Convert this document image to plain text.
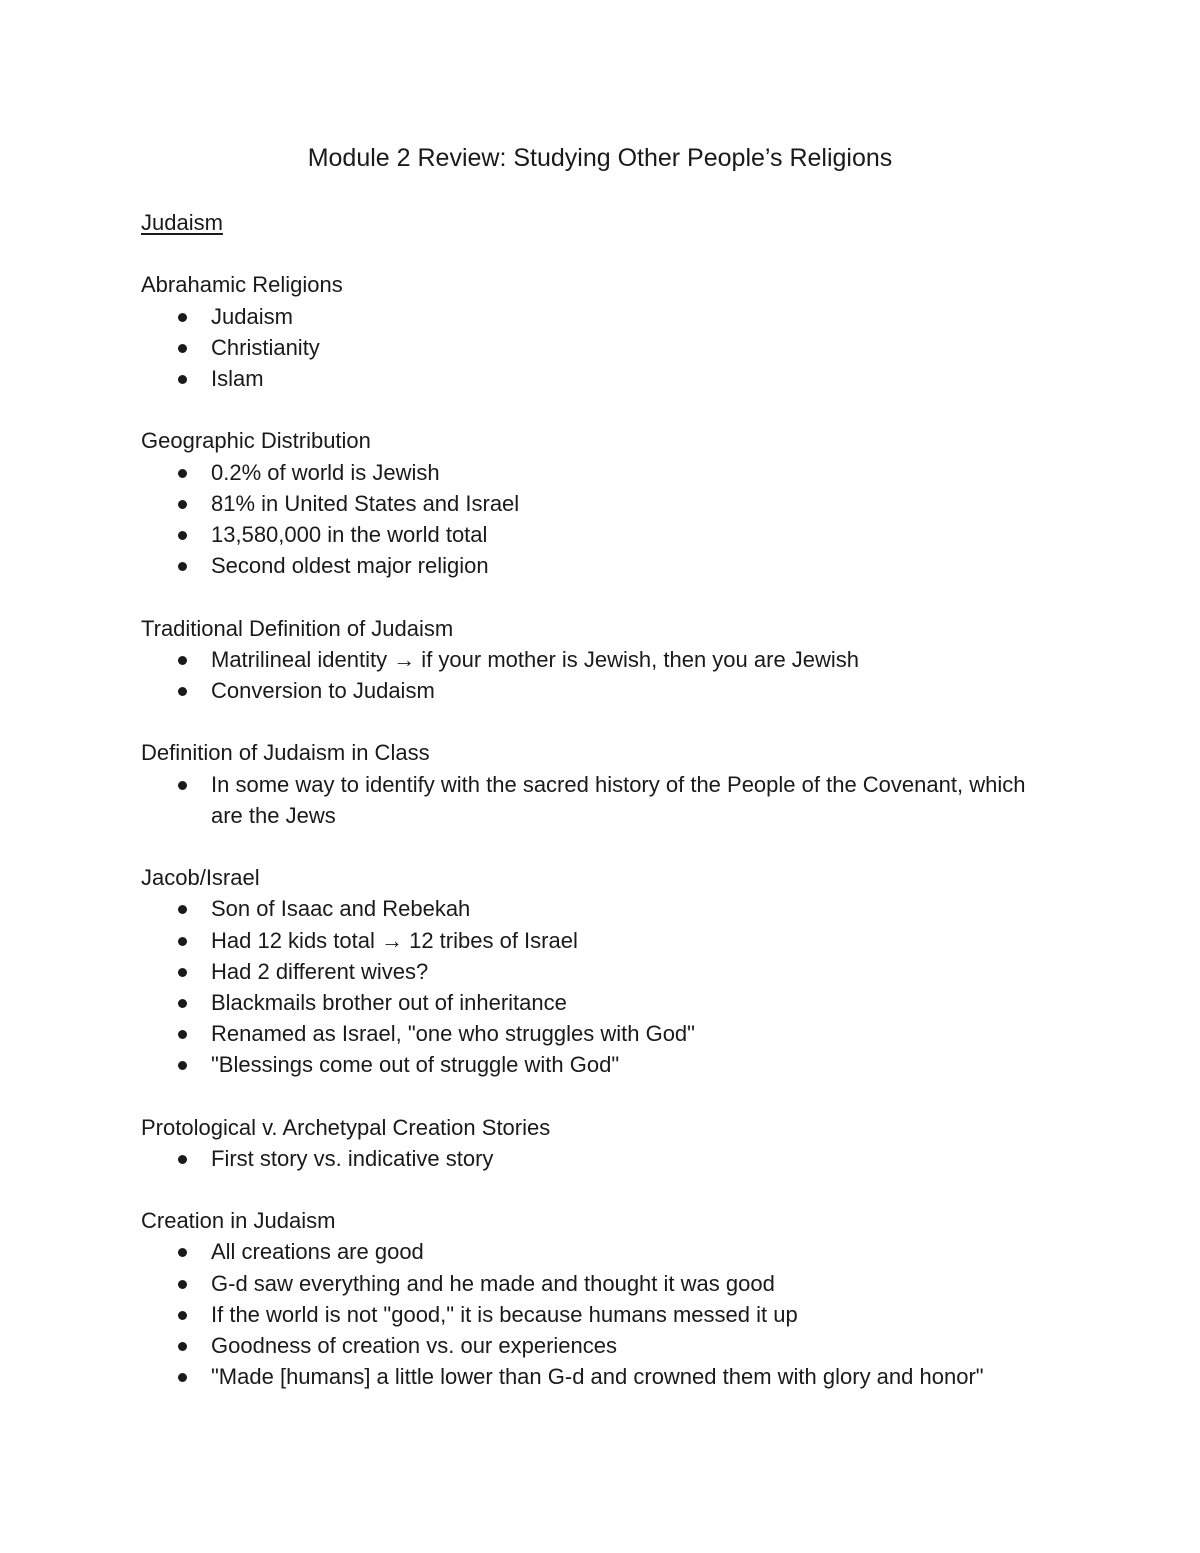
Module 2 Review: Studying Other People’s Religions
Judaism
Abrahamic Religions
Judaism
Christianity
Islam
Geographic Distribution
0.2% of world is Jewish
81% in United States and Israel
13,580,000 in the world total
Second oldest major religion
Traditional Definition of Judaism
Matrilineal identity → if your mother is Jewish, then you are Jewish
Conversion to Judaism
Definition of Judaism in Class
In some way to identify with the sacred history of the People of the Covenant, which are the Jews
Jacob/Israel
Son of Isaac and Rebekah
Had 12 kids total → 12 tribes of Israel
Had 2 different wives?
Blackmails brother out of inheritance
Renamed as Israel, "one who struggles with God"
"Blessings come out of struggle with God"
Protological v. Archetypal Creation Stories
First story vs. indicative story
Creation in Judaism
All creations are good
G-d saw everything and he made and thought it was good
If the world is not "good," it is because humans messed it up
Goodness of creation vs. our experiences
"Made [humans] a little lower than G-d and crowned them with glory and honor"
